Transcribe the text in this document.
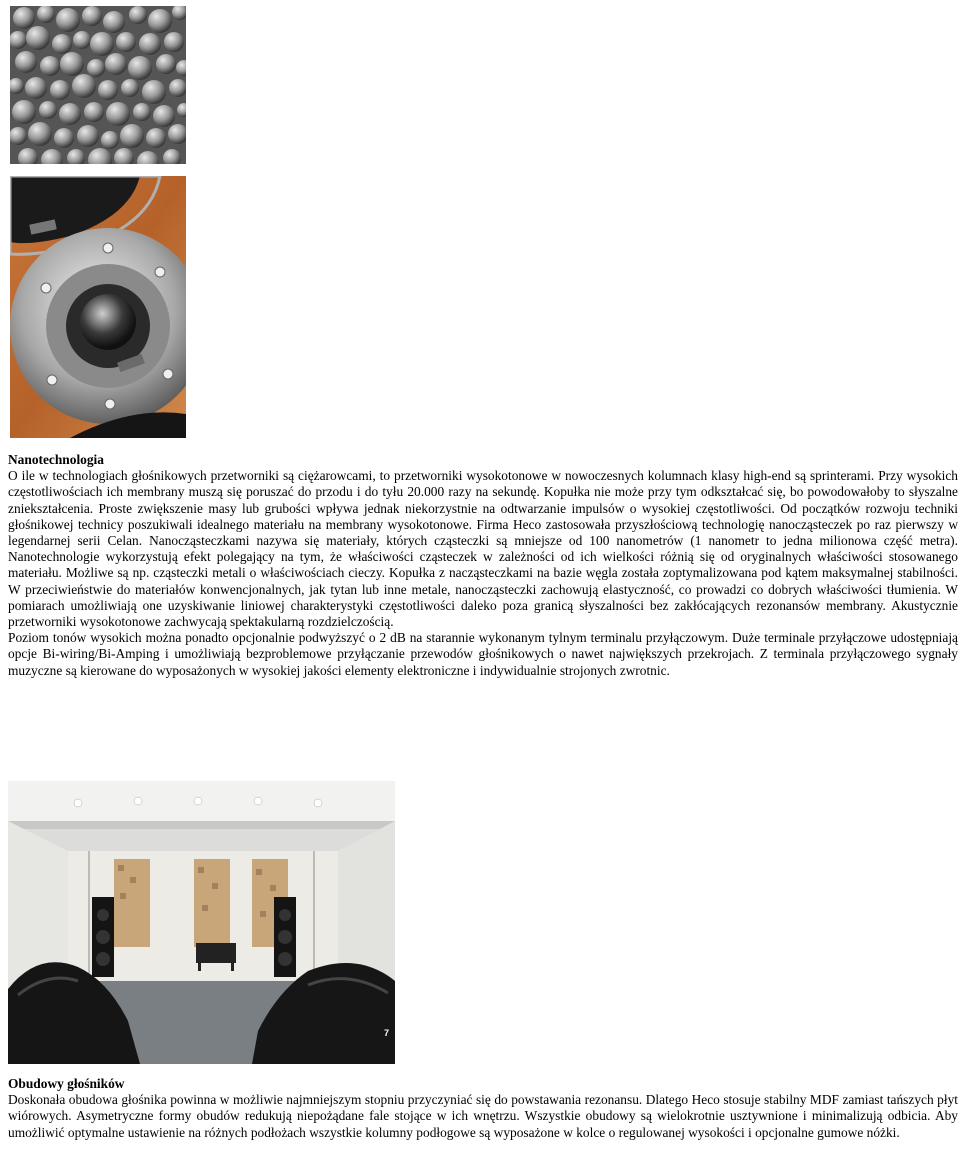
Nanotechnologia

O ile w technologiach głośnikowych przetworniki są ciężarowcami, to przetworniki wysokotonowe w nowoczesnych kolumnach klasy high-end są sprinterami. Przy wysokich częstotliwościach ich membrany muszą się poruszać do przodu i do tyłu 20.000 razy na sekundę. Kopułka nie może przy tym odkształcać się, bo powodowałoby to słyszalne zniekształcenia. Proste zwiększenie masy lub grubości wpływa jednak niekorzystnie na odtwarzanie impulsów o wysokiej częstotliwości. Od początków rozwoju techniki głośnikowej technicy poszukiwali idealnego materiału na membrany wysokotonowe. Firma Heco zastosowała przyszłościową technologię nanocząsteczek po raz pierwszy w legendarnej serii Celan. Nanocząsteczkami nazywa się materiały, których cząsteczki są mniejsze od 100 nanometrów (1 nanometr to jedna milionowa część metra). Nanotechnologie wykorzystują efekt polegający na tym, że właściwości cząsteczek w zależności od ich wielkości różnią się od oryginalnych właściwości stosowanego materiału. Możliwe są np. cząsteczki metali o właściwościach cieczy. Kopułka z nacząsteczkami na bazie węgla została zoptymalizowana pod kątem maksymalnej stabilności. W przeciwieństwie do materiałów konwencjonalnych, jak tytan lub inne metale, nanocząsteczki zachowują elastyczność, co prowadzi co dobrych właściwości tłumienia. W pomiarach umożliwiają one uzyskiwanie liniowej charakterystyki częstotliwości daleko poza granicą słyszalności bez zakłócających rezonansów membrany. Akustycznie przetworniki wysokotonowe zachwycają spektakularną rozdzielczością.

Poziom tonów wysokich można ponadto opcjonalnie podwyższyć o 2 dB na starannie wykonanym tylnym terminalu przyłączowym. Duże terminale przyłączowe udostępniają opcje Bi-wiring/Bi-Amping i umożliwiają bezproblemowe przyłączanie przewodów głośnikowych o nawet największych przekrojach. Z terminala przyłączowego sygnały muzyczne są kierowane do wyposażonych w wysokiej jakości elementy elektroniczne i indywidualnie strojonych zwrotnic.

7
Obudowy głośników

Doskonała obudowa głośnika powinna w możliwie najmniejszym stopniu przyczyniać się do powstawania rezonansu. Dlatego Heco stosuje stabilny MDF zamiast tańszych płyt wiórowych. Asymetryczne formy obudów redukują niepożądane fale stojące w ich wnętrzu. Wszystkie obudowy są wielokrotnie usztywnione i minimalizują odbicia. Aby umożliwić optymalne ustawienie na różnych podłożach wszystkie kolumny podłogowe są wyposażone w kolce o regulowanej wysokości i opcjonalne gumowe nóżki.
